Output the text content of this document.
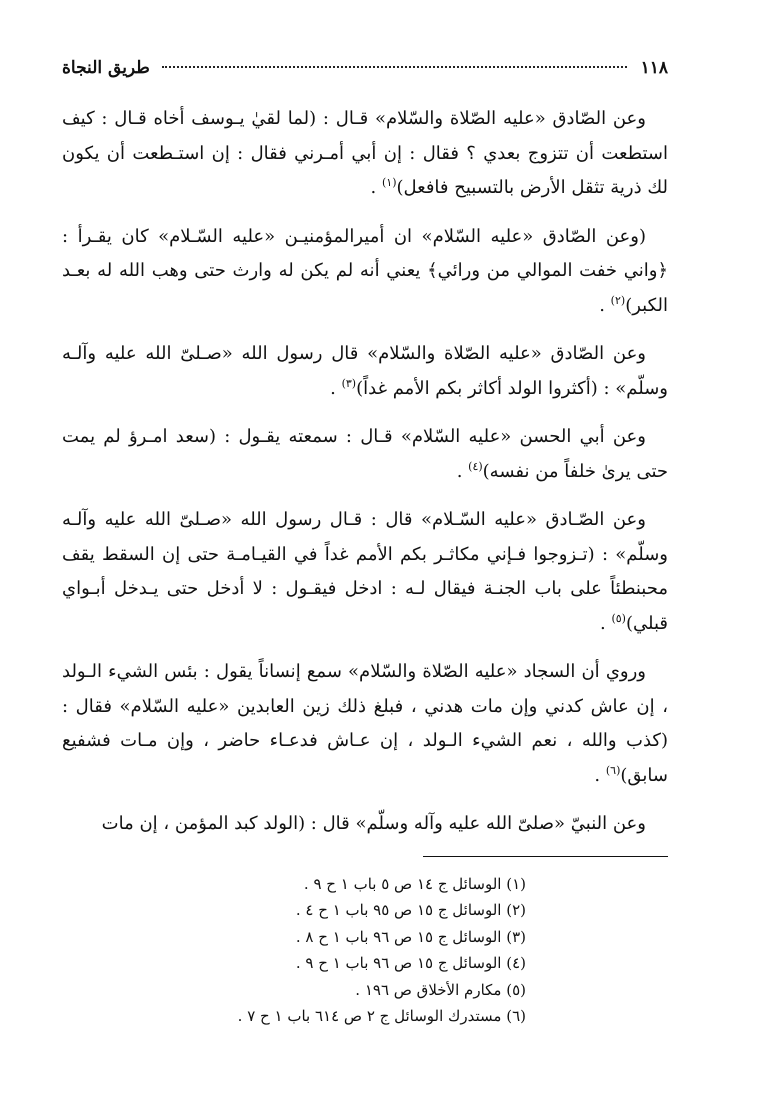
١١٨
طريق النجاة

وعن الصّادق «عليه الصّلاة والسّلام» قـال : (لما لقيٰ يـوسف أخاه قـال : كيف استطعت أن تتزوج بعدي ؟ فقال : إن أبي أمـرني فقال : إن استـطعت أن يكون لك ذرية تثقل الأرض بالتسبيح فافعل)$^{(١)}$ .

(وعن الصّادق «عليه السّلام» ان أميرالمؤمنيـن «عليه السّـلام» كان يقـرأ : ﴿واني خفت الموالي من ورائي﴾ يعني أنه لم يكن له وارث حتى وهب الله له بعـد الكبر)$^{(٢)}$ .

وعن الصّادق «عليه الصّلاة والسّلام» قال رسول الله «صـلىّ الله عليه وآلـه وسلّم» : (أكثروا الولد أكاثر بكم الأمم غداً)$^{(٣)}$ .

وعن أبي الحسن «عليه السّلام» قـال : سمعته يقـول : (سعد امـرؤ لم يمت حتى يرىٰ خلفاً من نفسه)$^{(٤)}$ .

وعن الصّـادق «عليه السّـلام» قال : قـال رسول الله «صـلىّ الله عليه وآلـه وسلّم» : (تـزوجوا فـإني مكاثـر بكم الأمم غداً في القيـامـة حتى إن السقط يقف محبنطئاً على باب الجنـة فيقال لـه : ادخل فيقـول : لا أدخل حتى يـدخل أبـواي قبلي)$^{(٥)}$ .

وروي أن السجاد «عليه الصّلاة والسّلام» سمع إنساناً يقول : بئس الشيء الـولد ، إن عاش كدني وإن مات هدني ، فبلغ ذلك زين العابدين «عليه السّلام» فقال : (كذب والله ، نعم الشيء الـولد ، إن عـاش فدعـاء حاضر ، وإن مـات فشفيع سابق)$^{(٦)}$ .

وعن النبيّ «صلىّ الله عليه وآله وسلّم» قال : (الولد كبد المؤمن ، إن مات

(١) الوسائل ج ١٤ ص ٥ باب ١ ح ٩ .
(٢) الوسائل ج ١٥ ص ٩٥ باب ١ ح ٤ .
(٣) الوسائل ج ١٥ ص ٩٦ باب ١ ح ٨ .
(٤) الوسائل ج ١٥ ص ٩٦ باب ١ ح ٩ .
(٥) مكارم الأخلاق ص ١٩٦ .
(٦) مستدرك الوسائل ج ٢ ص ٦١٤ باب ١ ح ٧ .
